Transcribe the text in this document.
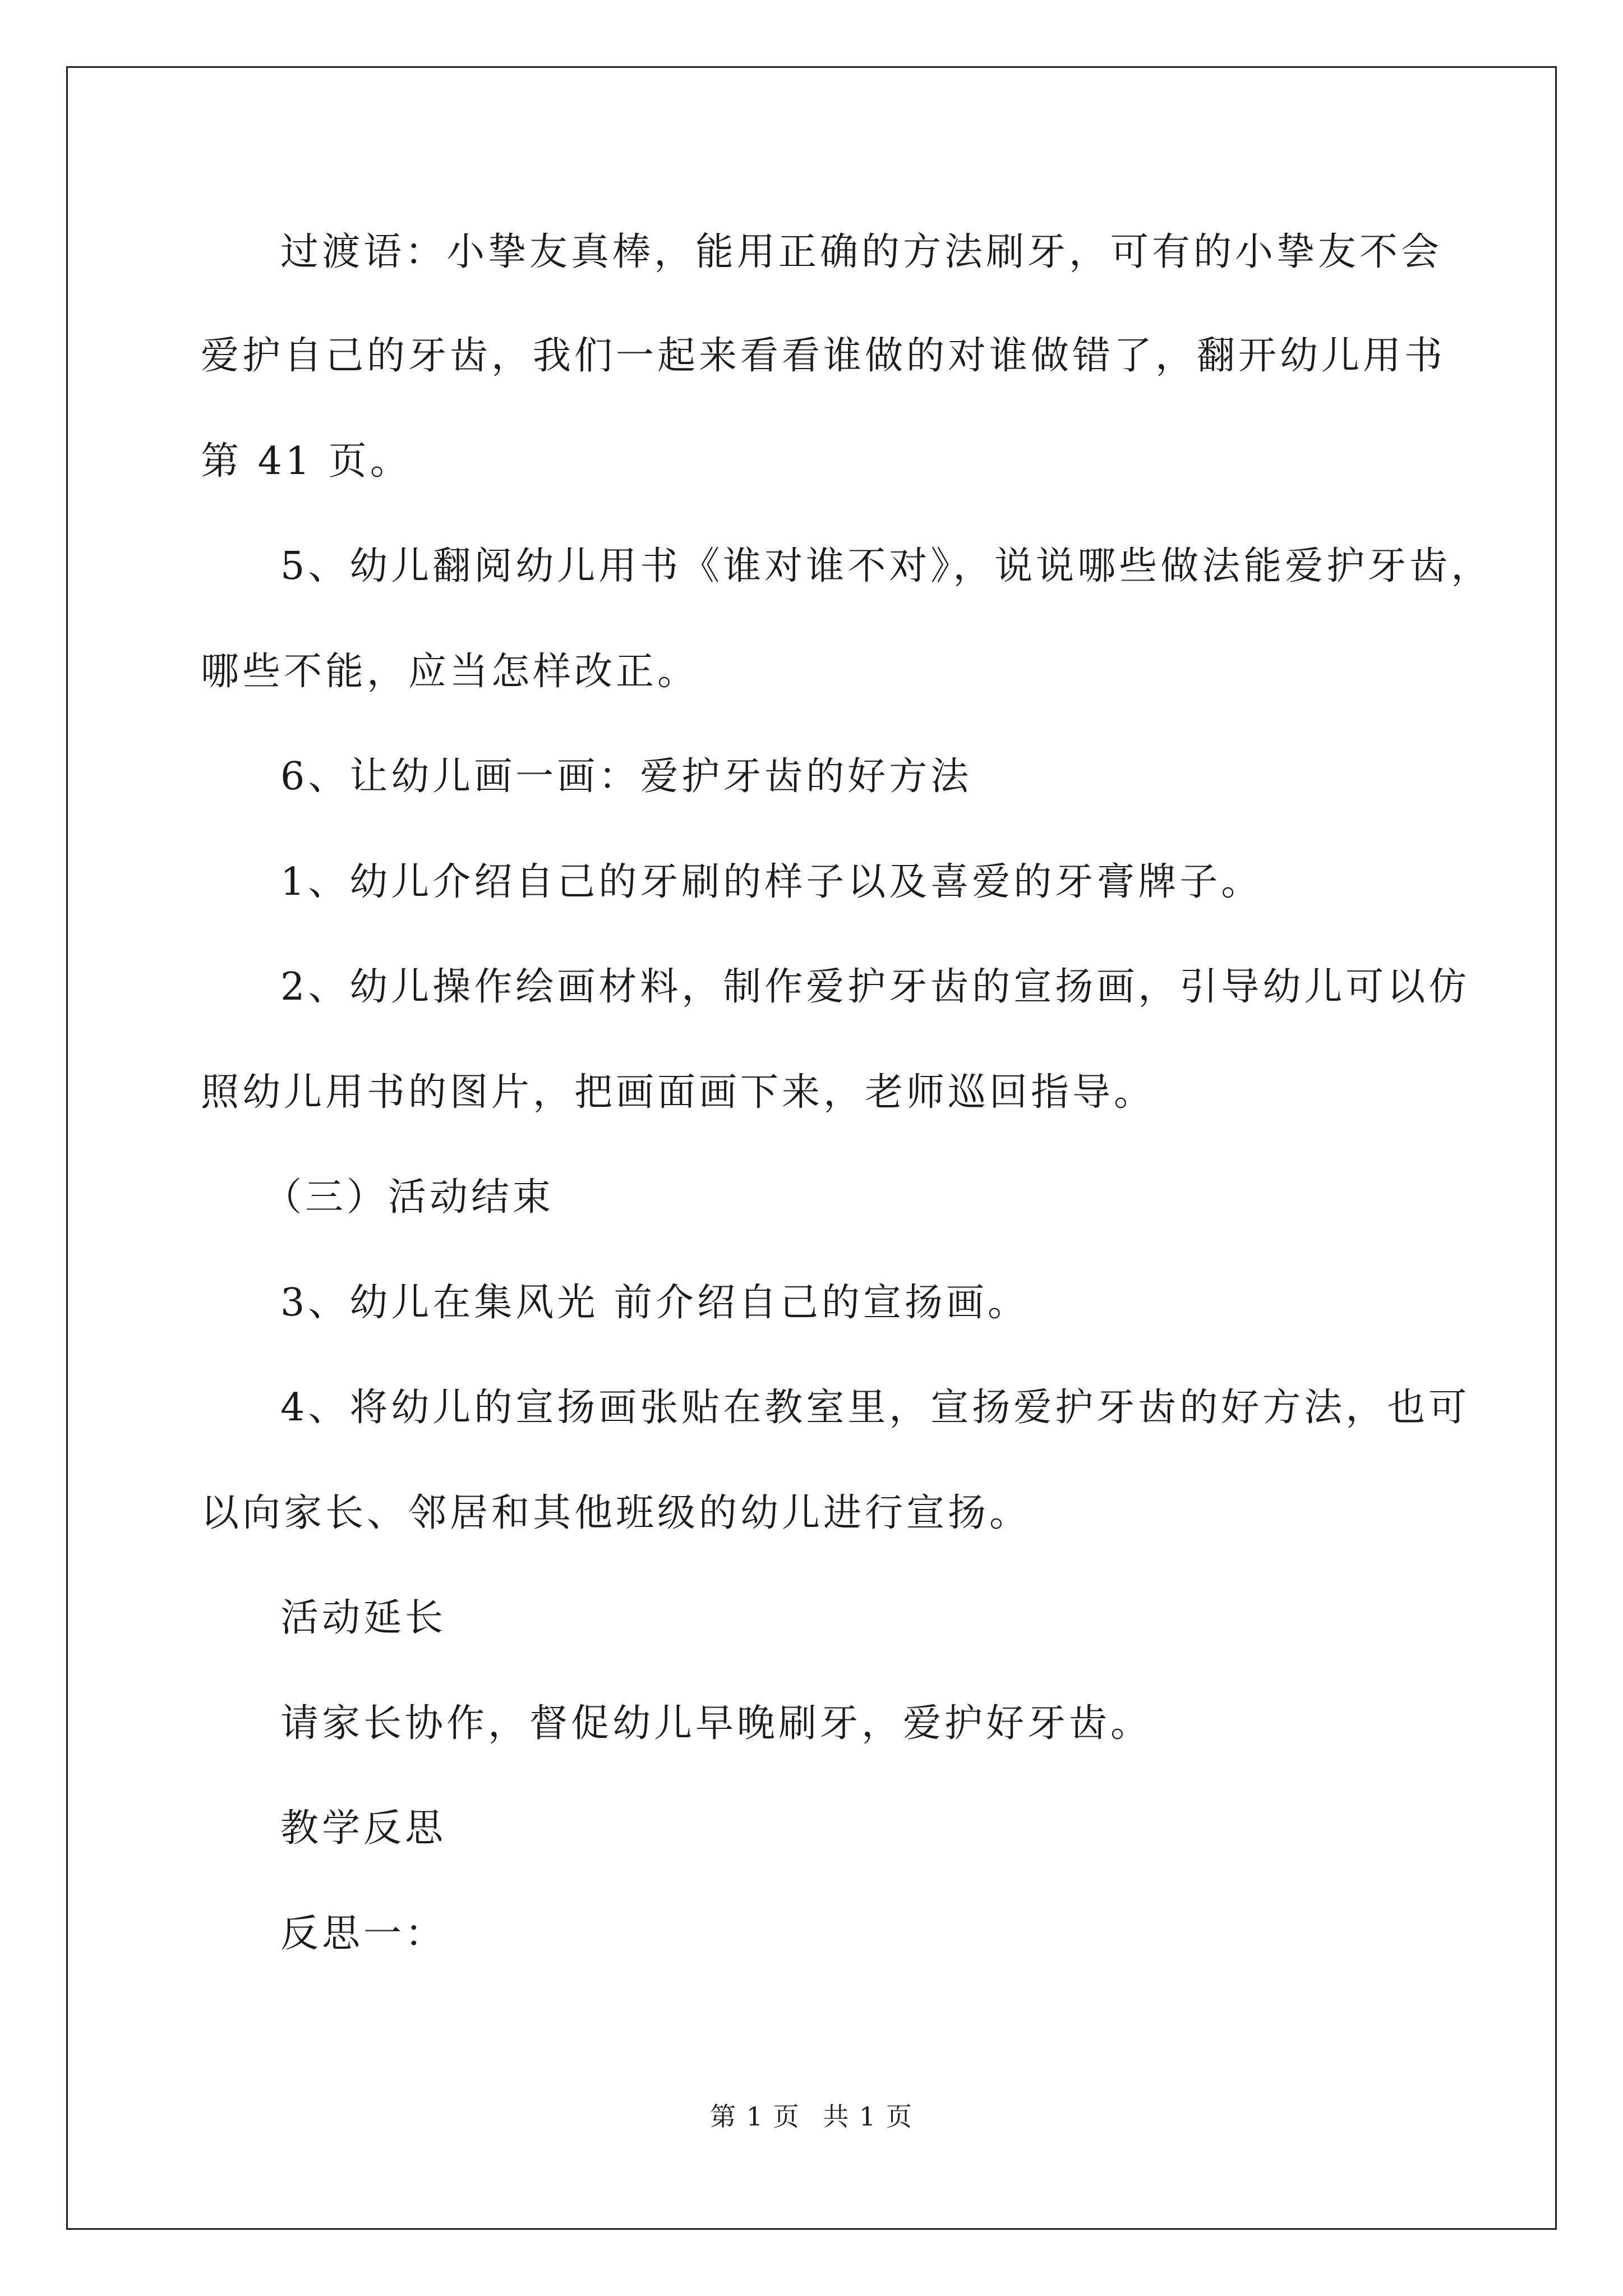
过渡语：小挚友真棒，能用正确的方法刷牙，可有的小挚友不会
爱护自己的牙齿，我们一起来看看谁做的对谁做错了，翻开幼儿用书
第 41 页。
5、幼儿翻阅幼儿用书《谁对谁不对》，说说哪些做法能爱护牙齿，
哪些不能，应当怎样改正。
6、让幼儿画一画：爱护牙齿的好方法
1、幼儿介绍自己的牙刷的样子以及喜爱的牙膏牌子。
2、幼儿操作绘画材料，制作爱护牙齿的宣扬画，引导幼儿可以仿
照幼儿用书的图片，把画面画下来，老师巡回指导。
（三）活动结束
3、幼儿在集风光 前介绍自己的宣扬画。
4、将幼儿的宣扬画张贴在教室里，宣扬爱护牙齿的好方法，也可
以向家长、邻居和其他班级的幼儿进行宣扬。
活动延长
请家长协作，督促幼儿早晚刷牙，爱护好牙齿。
教学反思
反思一：
第 1 页 共 1 页
